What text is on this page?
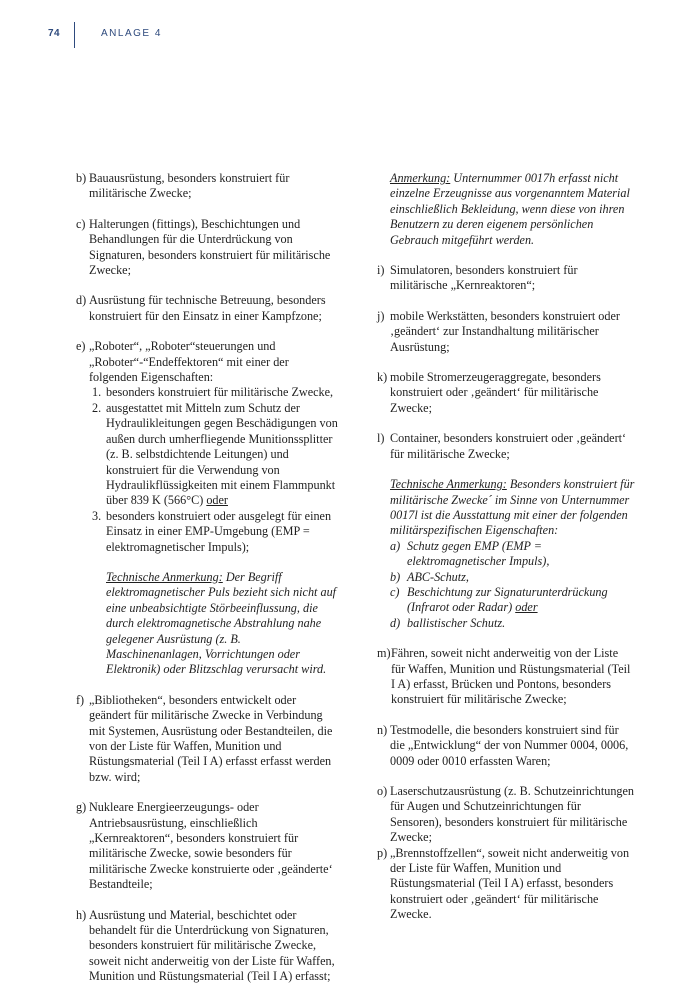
74	ANLAGE 4
b) Bauausrüstung, besonders konstruiert für militärische Zwecke;
c) Halterungen (fittings), Beschichtungen und Behandlungen für die Unterdrückung von Signaturen, besonders konstruiert für militärische Zwecke;
d) Ausrüstung für technische Betreuung, besonders konstruiert für den Einsatz in einer Kampfzone;
e) „Roboter“, „Roboter“steuerungen und „Roboter“-“Endeffektoren“ mit einer der folgenden Eigenschaften:
1. besonders konstruiert für militärische Zwecke,
2. ausgestattet mit Mitteln zum Schutz der Hydraulikleitungen gegen Beschädigungen von außen durch umherfliegende Munitionssplitter (z. B. selbstdichtende Leitungen) und konstruiert für die Verwendung von Hydraulikflüssigkeiten mit einem Flammpunkt über 839 K (566°C) oder
3. besonders konstruiert oder ausgelegt für einen Einsatz in einer EMP-Umgebung (EMP = elektromagnetischer Impuls);
Technische Anmerkung: Der Begriff elektromagnetischer Puls bezieht sich nicht auf eine unbeabsichtigte Störbeeinflussung, die durch elektromagnetische Abstrahlung nahe gelegener Ausrüstung (z. B. Maschinenanlagen, Vorrichtungen oder Elektronik) oder Blitzschlag verursacht wird.
f) „Bibliotheken“, besonders entwickelt oder geändert für militärische Zwecke in Verbindung mit Systemen, Ausrüstung oder Bestandteilen, die von der Liste für Waffen, Munition und Rüstungsmaterial (Teil I A) erfasst erfasst werden bzw. wird;
g) Nukleare Energieerzeugungs- oder Antriebsausrüstung, einschließlich „Kernreaktoren“, besonders konstruiert für militärische Zwecke, sowie besonders für militärische Zwecke konstruierte oder ‚geänderte‘ Bestandteile;
h) Ausrüstung und Material, beschichtet oder behandelt für die Unterdrückung von Signaturen, besonders konstruiert für militärische Zwecke, soweit nicht anderweitig von der Liste für Waffen, Munition und Rüstungsmaterial (Teil I A) erfasst;
Anmerkung: Unternummer 0017h erfasst nicht einzelne Erzeugnisse aus vorgenanntem Material einschließlich Bekleidung, wenn diese von ihren Benutzern zu deren eigenem persönlichen Gebrauch mitgeführt werden.
i) Simulatoren, besonders konstruiert für militärische „Kernreaktoren“;
j) mobile Werkstätten, besonders konstruiert oder ‚geändert‘ zur Instandhaltung militärischer Ausrüstung;
k) mobile Stromerzeugeraggregate, besonders konstruiert oder ‚geändert‘ für militärische Zwecke;
l) Container, besonders konstruiert oder ‚geändert‘ für militärische Zwecke;
Technische Anmerkung: Besonders konstruiert für militärische Zwecke´ im Sinne von Unternummer 0017l ist die Ausstattung mit einer der folgenden militärspezifischen Eigenschaften:
a) Schutz gegen EMP (EMP = elektromagnetischer Impuls),
b) ABC-Schutz,
c) Beschichtung zur Signaturunterdrückung (Infrarot oder Radar) oder
d) ballistischer Schutz.
m) Fähren, soweit nicht anderweitig von der Liste für Waffen, Munition und Rüstungsmaterial (Teil I A) erfasst, Brücken und Pontons, besonders konstruiert für militärische Zwecke;
n) Testmodelle, die besonders konstruiert sind für die „Entwicklung“ der von Nummer 0004, 0006, 0009 oder 0010 erfassten Waren;
o) Laserschutzausrüstung (z. B. Schutzeinrichtungen für Augen und Schutzeinrichtungen für Sensoren), besonders konstruiert für militärische Zwecke;
p) „Brennstoffzellen“, soweit nicht anderweitig von der Liste für Waffen, Munition und Rüstungsmaterial (Teil I A) erfasst, besonders konstruiert oder ‚geändert‘ für militärische Zwecke.
